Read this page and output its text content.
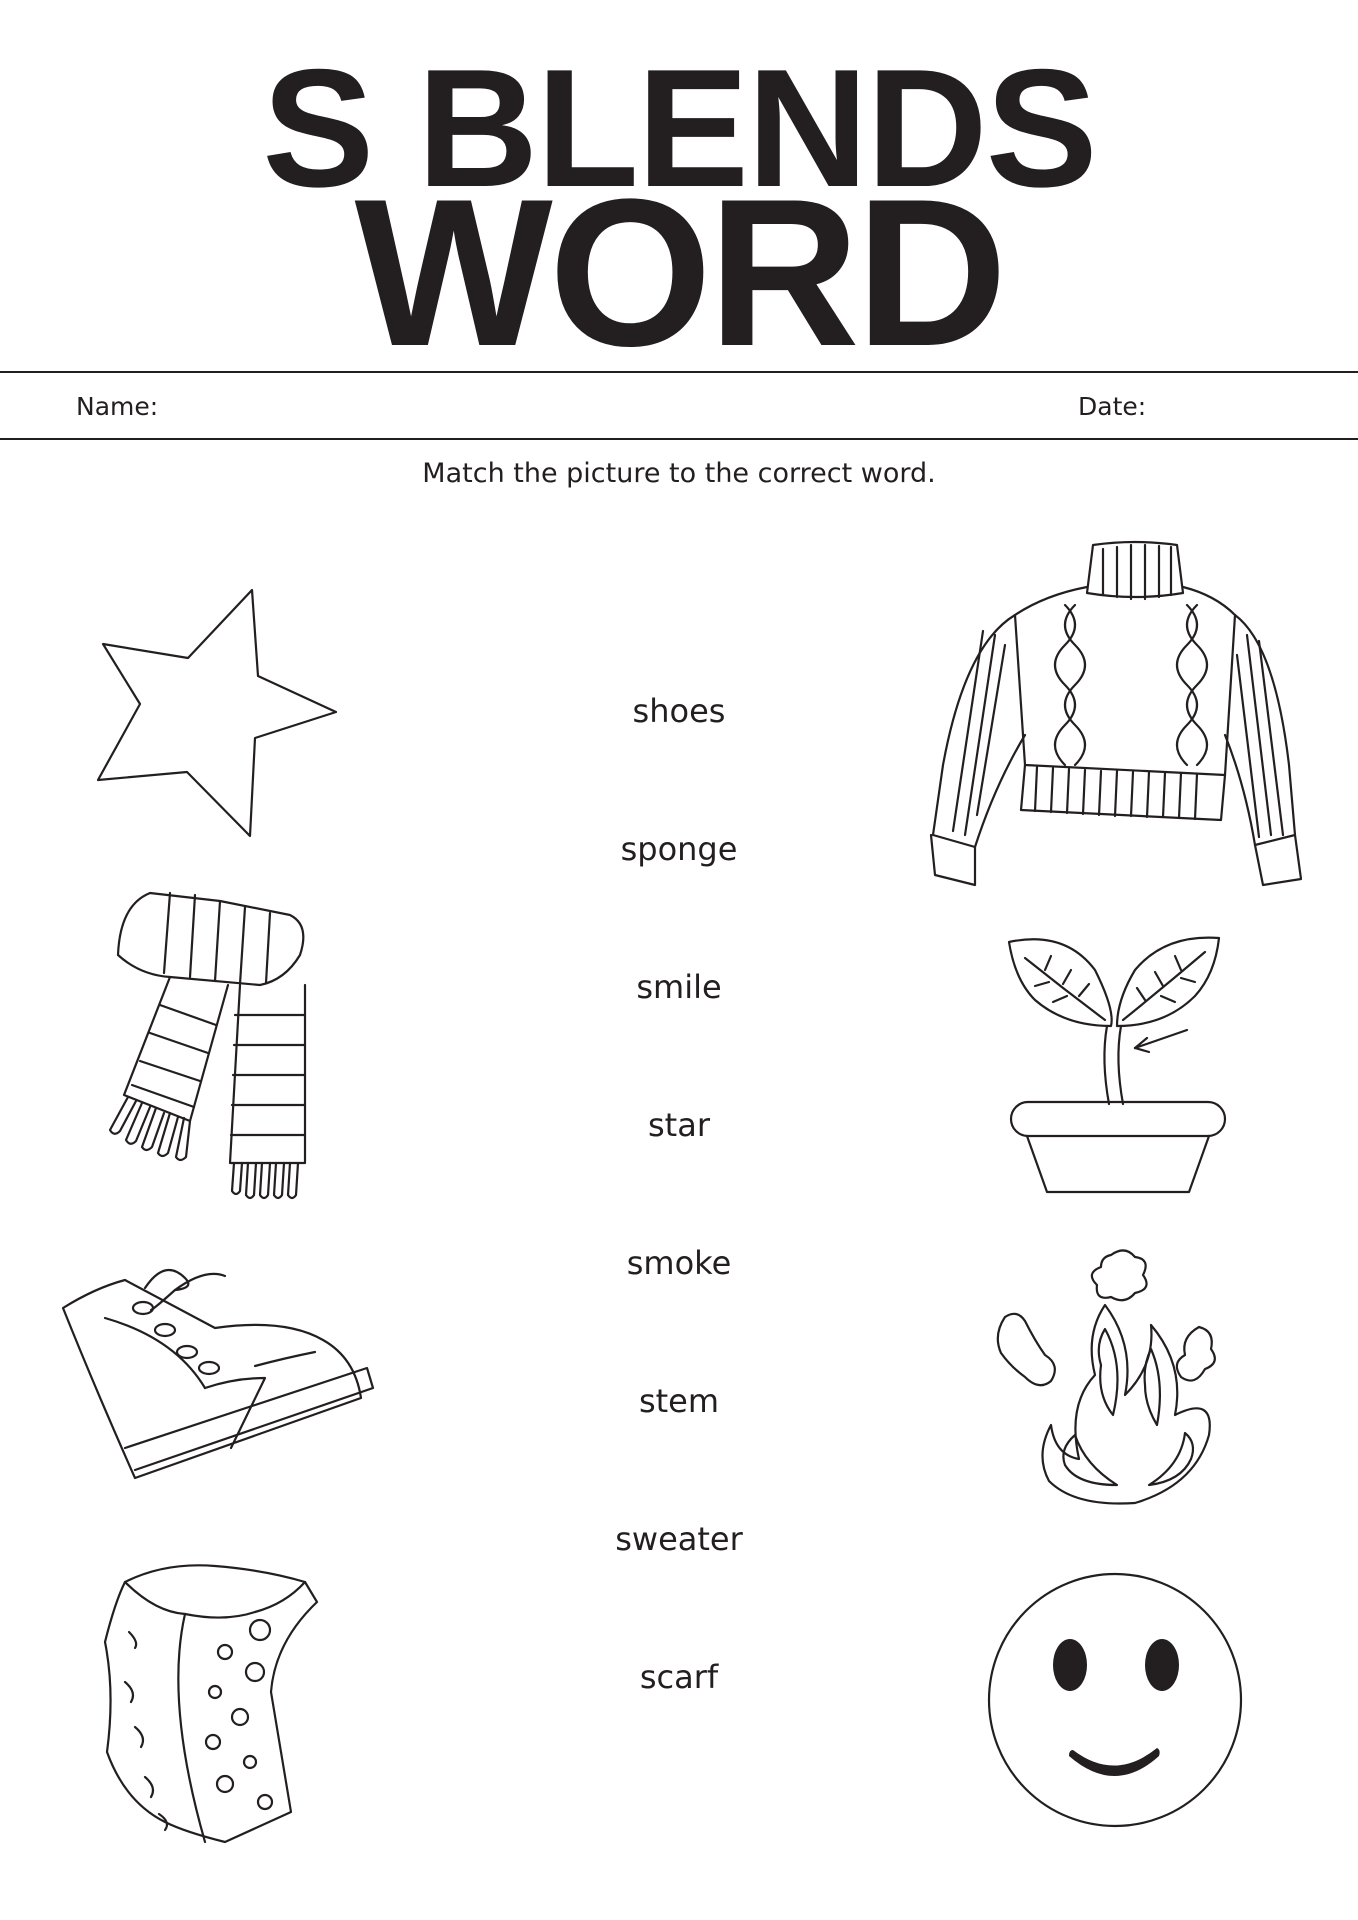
S BLENDS
WORD
Name:	Date:
Match the picture to the correct word.
shoes
sponge
smile
star
smoke
stem
sweater
scarf
